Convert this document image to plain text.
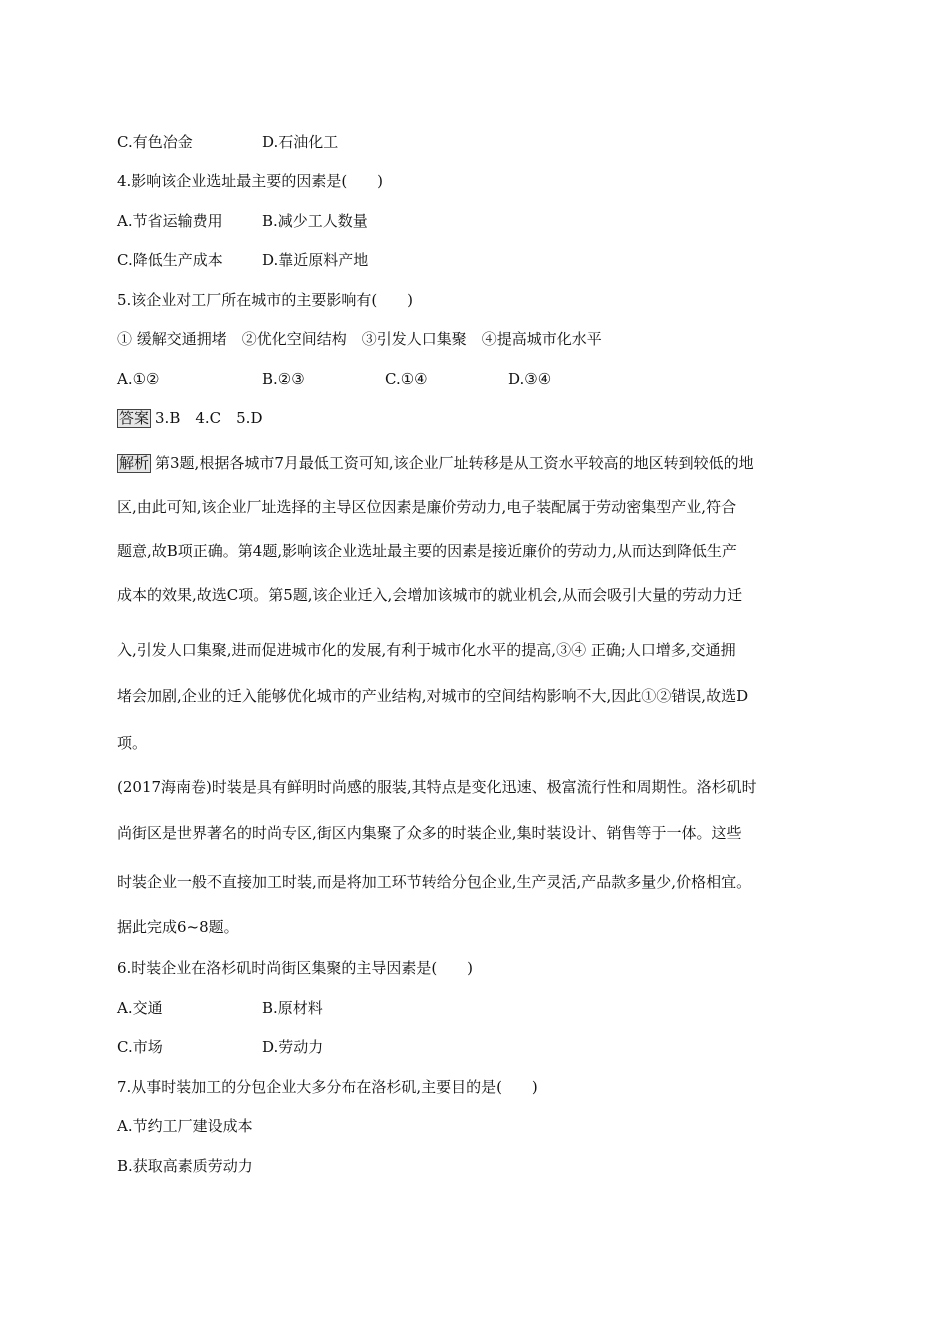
C.有色冶金	D.石油化工
4.影响该企业选址最主要的因素是(　　)
A.节省运输费用	B.减少工人数量
C.降低生产成本	D.靠近原料产地
5.该企业对工厂所在城市的主要影响有(　　)
① 缓解交通拥堵　②优化空间结构　③引发人口集聚　④提高城市化水平
A.①②	B.②③	C.①④	D.③④
答案 3.B　4.C　5.D
解析 第3题,根据各城市7月最低工资可知,该企业厂址转移是从工资水平较高的地区转到较低的地
区,由此可知,该企业厂址选择的主导区位因素是廉价劳动力,电子装配属于劳动密集型产业,符合
题意,故B项正确。第4题,影响该企业选址最主要的因素是接近廉价的劳动力,从而达到降低生产
成本的效果,故选C项。第5题,该企业迁入,会增加该城市的就业机会,从而会吸引大量的劳动力迁
入,引发人口集聚,进而促进城市化的发展,有利于城市化水平的提高,③④ 正确;人口增多,交通拥
堵会加剧,企业的迁入能够优化城市的产业结构,对城市的空间结构影响不大,因此①②错误,故选D
项。
(2017海南卷)时装是具有鲜明时尚感的服装,其特点是变化迅速、极富流行性和周期性。洛杉矶时
尚街区是世界著名的时尚专区,街区内集聚了众多的时装企业,集时装设计、销售等于一体。这些
时装企业一般不直接加工时装,而是将加工环节转给分包企业,生产灵活,产品款多量少,价格相宜。
据此完成6~8题。
6.时装企业在洛杉矶时尚街区集聚的主导因素是(　　)
A.交通	B.原材料
C.市场	D.劳动力
7.从事时装加工的分包企业大多分布在洛杉矶,主要目的是(　　)
A.节约工厂建设成本
B.获取高素质劳动力
